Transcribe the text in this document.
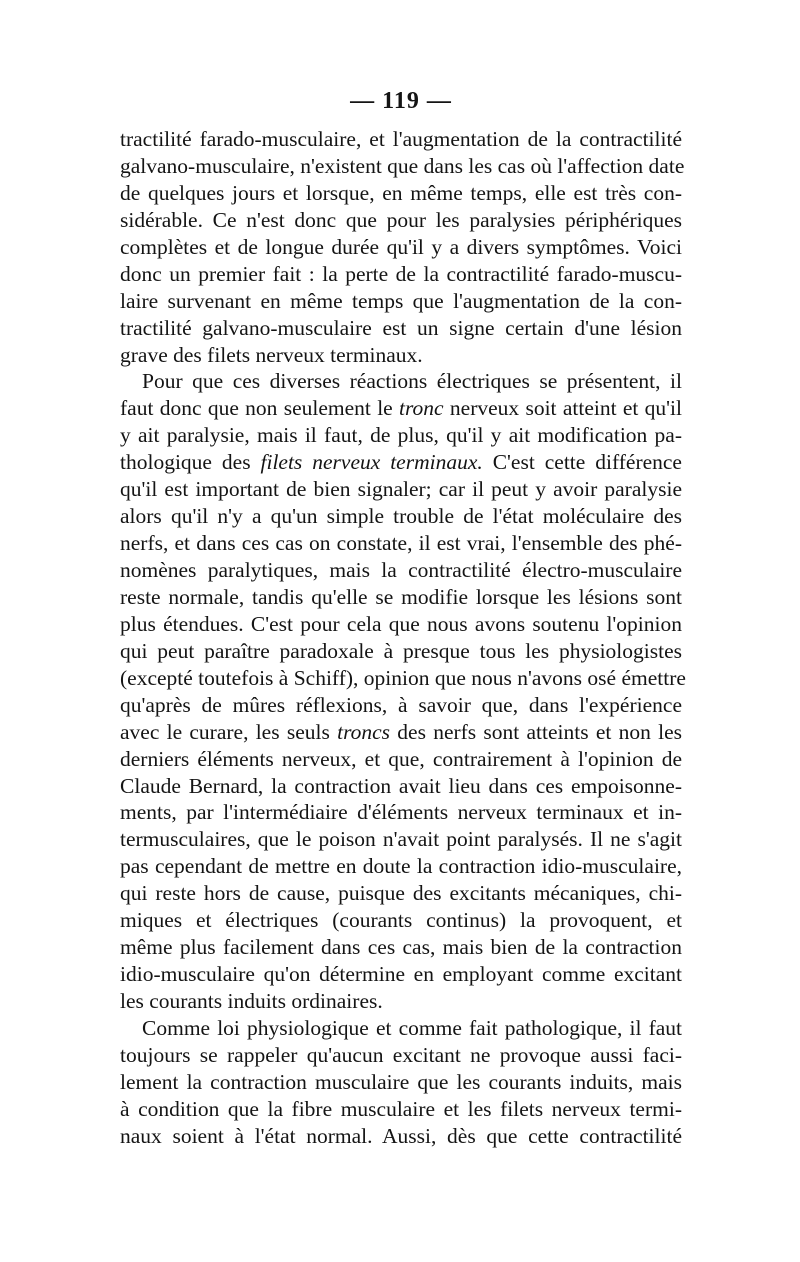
— 119 —
tractilité farado-musculaire, et l'augmentation de la contractilité
galvano-musculaire, n'existent que dans les cas où l'affection date
de quelques jours et lorsque, en même temps, elle est très con-
sidérable. Ce n'est donc que pour les paralysies périphériques
complètes et de longue durée qu'il y a divers symptômes. Voici
donc un premier fait : la perte de la contractilité farado-muscu-
laire survenant en même temps que l'augmentation de la con-
tractilité galvano-musculaire est un signe certain d'une lésion
grave des filets nerveux terminaux.
Pour que ces diverses réactions électriques se présentent, il
faut donc que non seulement le tronc nerveux soit atteint et qu'il
y ait paralysie, mais il faut, de plus, qu'il y ait modification pa-
thologique des filets nerveux terminaux. C'est cette différence
qu'il est important de bien signaler; car il peut y avoir paralysie
alors qu'il n'y a qu'un simple trouble de l'état moléculaire des
nerfs, et dans ces cas on constate, il est vrai, l'ensemble des phé-
nomènes paralytiques, mais la contractilité électro-musculaire
reste normale, tandis qu'elle se modifie lorsque les lésions sont
plus étendues. C'est pour cela que nous avons soutenu l'opinion
qui peut paraître paradoxale à presque tous les physiologistes
(excepté toutefois à Schiff), opinion que nous n'avons osé émettre
qu'après de mûres réflexions, à savoir que, dans l'expérience
avec le curare, les seuls troncs des nerfs sont atteints et non les
derniers éléments nerveux, et que, contrairement à l'opinion de
Claude Bernard, la contraction avait lieu dans ces empoisonne-
ments, par l'intermédiaire d'éléments nerveux terminaux et in-
termusculaires, que le poison n'avait point paralysés. Il ne s'agit
pas cependant de mettre en doute la contraction idio-musculaire,
qui reste hors de cause, puisque des excitants mécaniques, chi-
miques et électriques (courants continus) la provoquent, et
même plus facilement dans ces cas, mais bien de la contraction
idio-musculaire qu'on détermine en employant comme excitant
les courants induits ordinaires.
Comme loi physiologique et comme fait pathologique, il faut
toujours se rappeler qu'aucun excitant ne provoque aussi faci-
lement la contraction musculaire que les courants induits, mais
à condition que la fibre musculaire et les filets nerveux termi-
naux soient à l'état normal. Aussi, dès que cette contractilité
